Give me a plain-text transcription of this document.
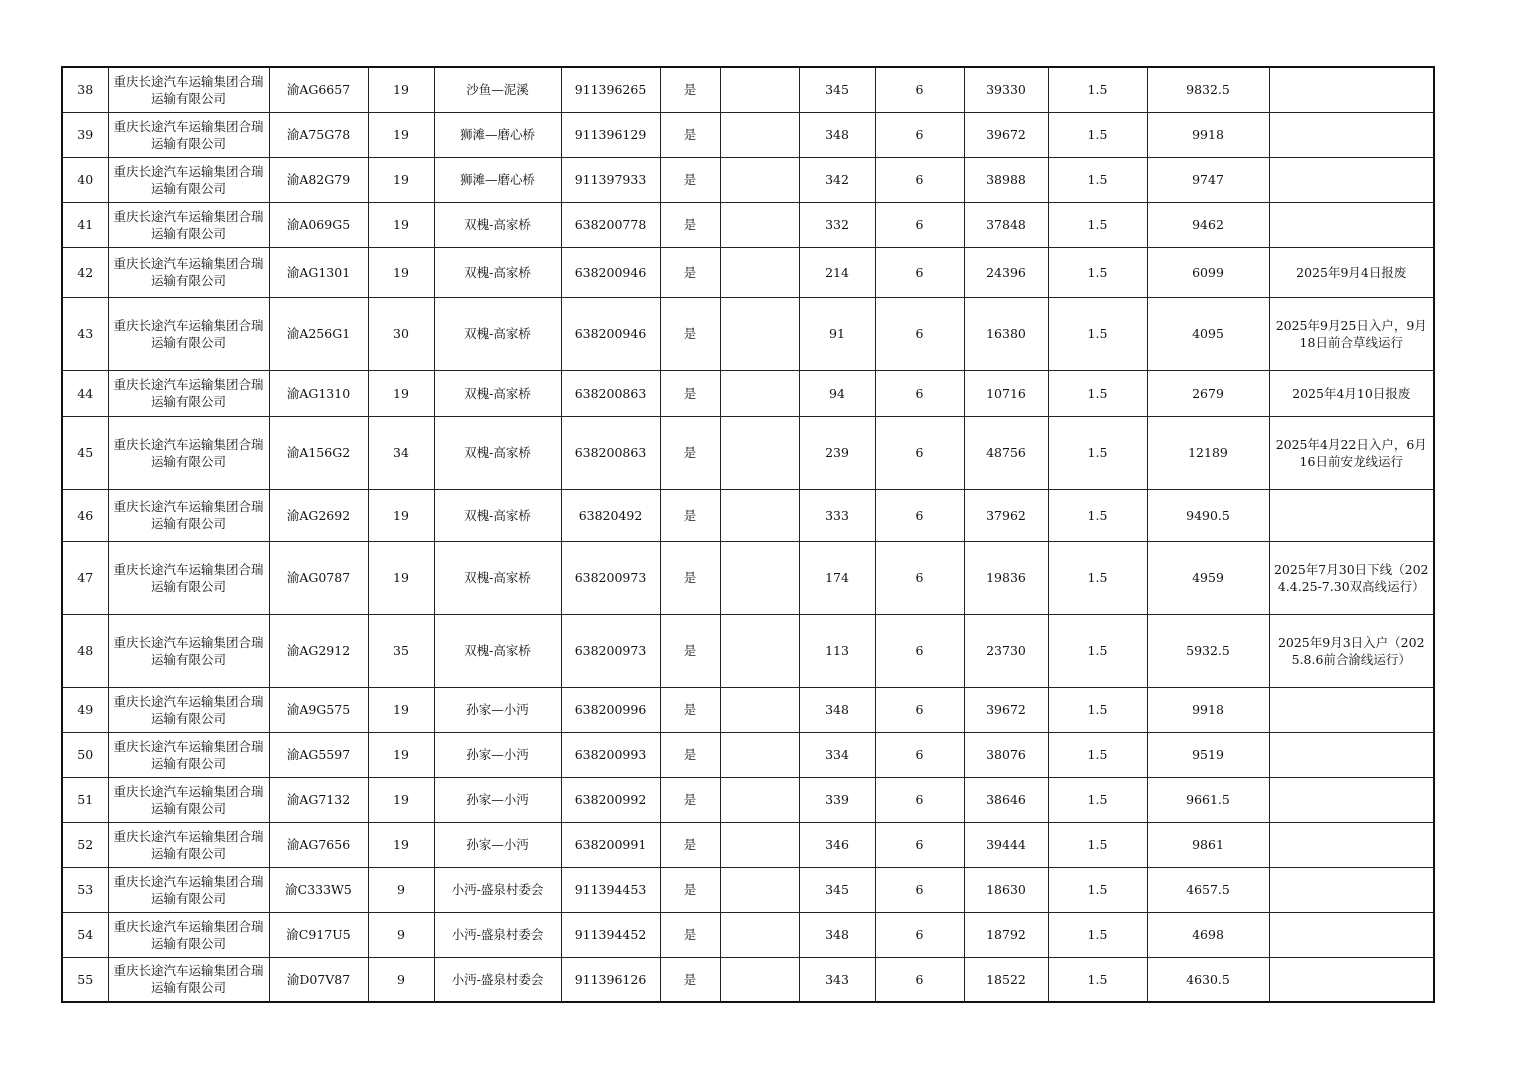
38	重庆长途汽车运输集团合瑞运输有限公司	渝AG6657	19	沙鱼—泥溪	911396265	是		345	6	39330	1.5	9832.5	
39	重庆长途汽车运输集团合瑞运输有限公司	渝A75G78	19	狮滩—磨心桥	911396129	是		348	6	39672	1.5	9918	
40	重庆长途汽车运输集团合瑞运输有限公司	渝A82G79	19	狮滩—磨心桥	911397933	是		342	6	38988	1.5	9747	
41	重庆长途汽车运输集团合瑞运输有限公司	渝A069G5	19	双槐-高家桥	638200778	是		332	6	37848	1.5	9462	
42	重庆长途汽车运输集团合瑞运输有限公司	渝AG1301	19	双槐-高家桥	638200946	是		214	6	24396	1.5	6099	2025年9月4日报废
43	重庆长途汽车运输集团合瑞运输有限公司	渝A256G1	30	双槐-高家桥	638200946	是		91	6	16380	1.5	4095	2025年9月25日入户，9月18日前合草线运行
44	重庆长途汽车运输集团合瑞运输有限公司	渝AG1310	19	双槐-高家桥	638200863	是		94	6	10716	1.5	2679	2025年4月10日报废
45	重庆长途汽车运输集团合瑞运输有限公司	渝A156G2	34	双槐-高家桥	638200863	是		239	6	48756	1.5	12189	2025年4月22日入户，6月16日前安龙线运行
46	重庆长途汽车运输集团合瑞运输有限公司	渝AG2692	19	双槐-高家桥	63820492	是		333	6	37962	1.5	9490.5	
47	重庆长途汽车运输集团合瑞运输有限公司	渝AG0787	19	双槐-高家桥	638200973	是		174	6	19836	1.5	4959	2025年7月30日下线（2024.4.25-7.30双高线运行）
48	重庆长途汽车运输集团合瑞运输有限公司	渝AG2912	35	双槐-高家桥	638200973	是		113	6	23730	1.5	5932.5	2025年9月3日入户（2025.8.6前合渝线运行）
49	重庆长途汽车运输集团合瑞运输有限公司	渝A9G575	19	孙家—小沔	638200996	是		348	6	39672	1.5	9918	
50	重庆长途汽车运输集团合瑞运输有限公司	渝AG5597	19	孙家—小沔	638200993	是		334	6	38076	1.5	9519	
51	重庆长途汽车运输集团合瑞运输有限公司	渝AG7132	19	孙家—小沔	638200992	是		339	6	38646	1.5	9661.5	
52	重庆长途汽车运输集团合瑞运输有限公司	渝AG7656	19	孙家—小沔	638200991	是		346	6	39444	1.5	9861	
53	重庆长途汽车运输集团合瑞运输有限公司	渝C333W5	9	小沔-盛泉村委会	911394453	是		345	6	18630	1.5	4657.5	
54	重庆长途汽车运输集团合瑞运输有限公司	渝C917U5	9	小沔-盛泉村委会	911394452	是		348	6	18792	1.5	4698	
55	重庆长途汽车运输集团合瑞运输有限公司	渝D07V87	9	小沔-盛泉村委会	911396126	是		343	6	18522	1.5	4630.5	
